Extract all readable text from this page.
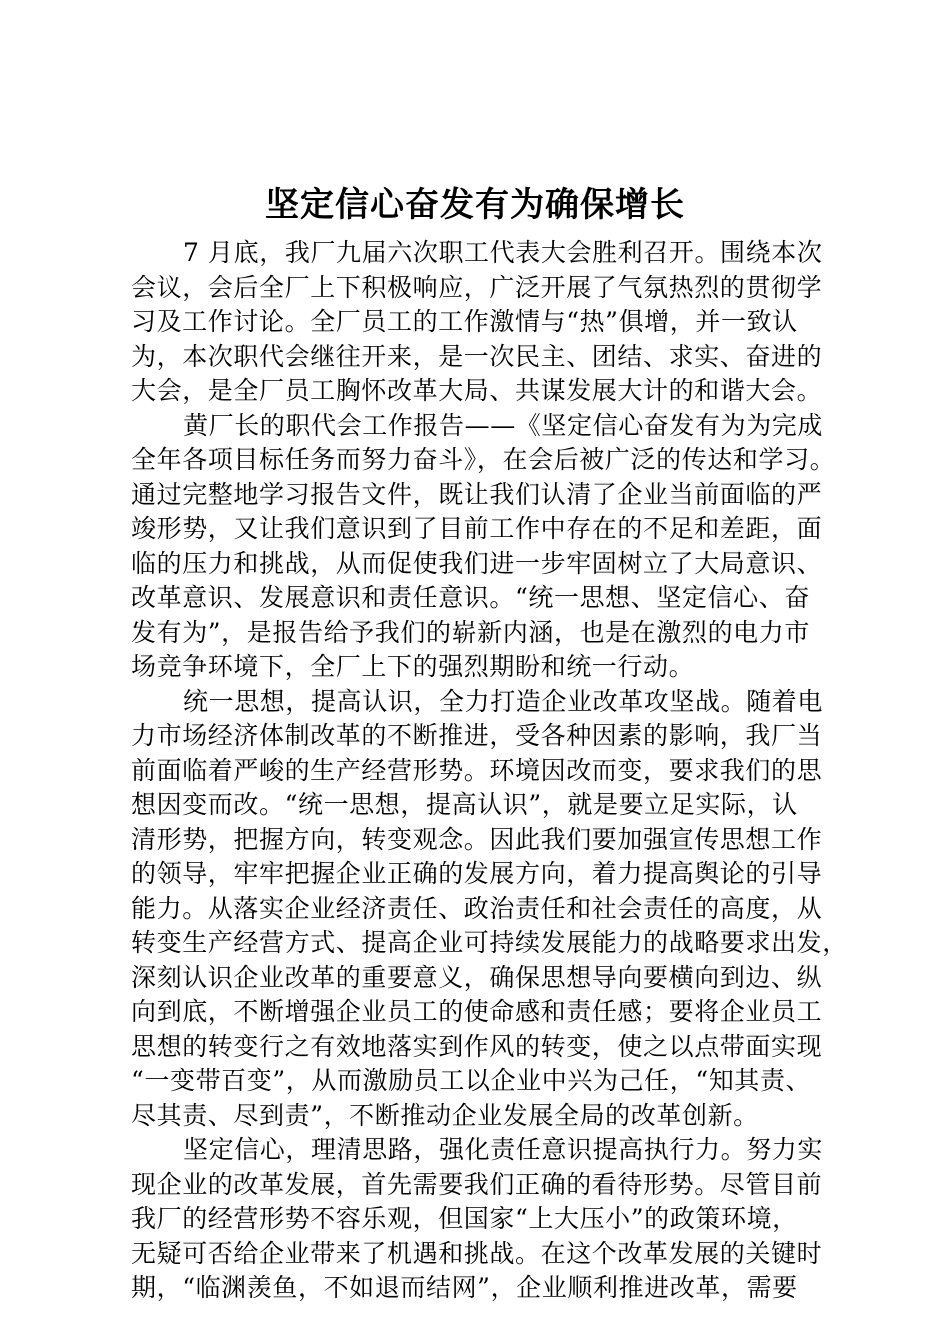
坚定信心奋发有为确保增长
7 月底，我厂九届六次职工代表大会胜利召开。围绕本次
会议，会后全厂上下积极响应，广泛开展了气氛热烈的贯彻学
习及工作讨论。全厂员工的工作激情与“热”俱增，并一致认
为，本次职代会继往开来，是一次民主、团结、求实、奋进的
大会，是全厂员工胸怀改革大局、共谋发展大计的和谐大会。
黄厂长的职代会工作报告——《坚定信心奋发有为为完成
全年各项目标任务而努力奋斗》，在会后被广泛的传达和学习。
通过完整地学习报告文件，既让我们认清了企业当前面临的严
竣形势，又让我们意识到了目前工作中存在的不足和差距，面
临的压力和挑战，从而促使我们进一步牢固树立了大局意识、
改革意识、发展意识和责任意识。“统一思想、坚定信心、奋
发有为”，是报告给予我们的崭新内涵，也是在激烈的电力市
场竞争环境下，全厂上下的强烈期盼和统一行动。
统一思想，提高认识，全力打造企业改革攻坚战。随着电
力市场经济体制改革的不断推进，受各种因素的影响，我厂当
前面临着严峻的生产经营形势。环境因改而变，要求我们的思
想因变而改。“统一思想，提高认识”，就是要立足实际，认
清形势，把握方向，转变观念。因此我们要加强宣传思想工作
的领导，牢牢把握企业正确的发展方向，着力提高舆论的引导
能力。从落实企业经济责任、政治责任和社会责任的高度，从
转变生产经营方式、提高企业可持续发展能力的战略要求出发，
深刻认识企业改革的重要意义，确保思想导向要横向到边、纵
向到底，不断增强企业员工的使命感和责任感；要将企业员工
思想的转变行之有效地落实到作风的转变，使之以点带面实现
“一变带百变”，从而激励员工以企业中兴为己任，“知其责、
尽其责、尽到责”，不断推动企业发展全局的改革创新。
坚定信心，理清思路，强化责任意识提高执行力。努力实
现企业的改革发展，首先需要我们正确的看待形势。尽管目前
我厂的经营形势不容乐观，但国家“上大压小”的政策环境，
无疑可否给企业带来了机遇和挑战。在这个改革发展的关键时
期，“临渊羡鱼，不如退而结网”，企业顺利推进改革，需要
